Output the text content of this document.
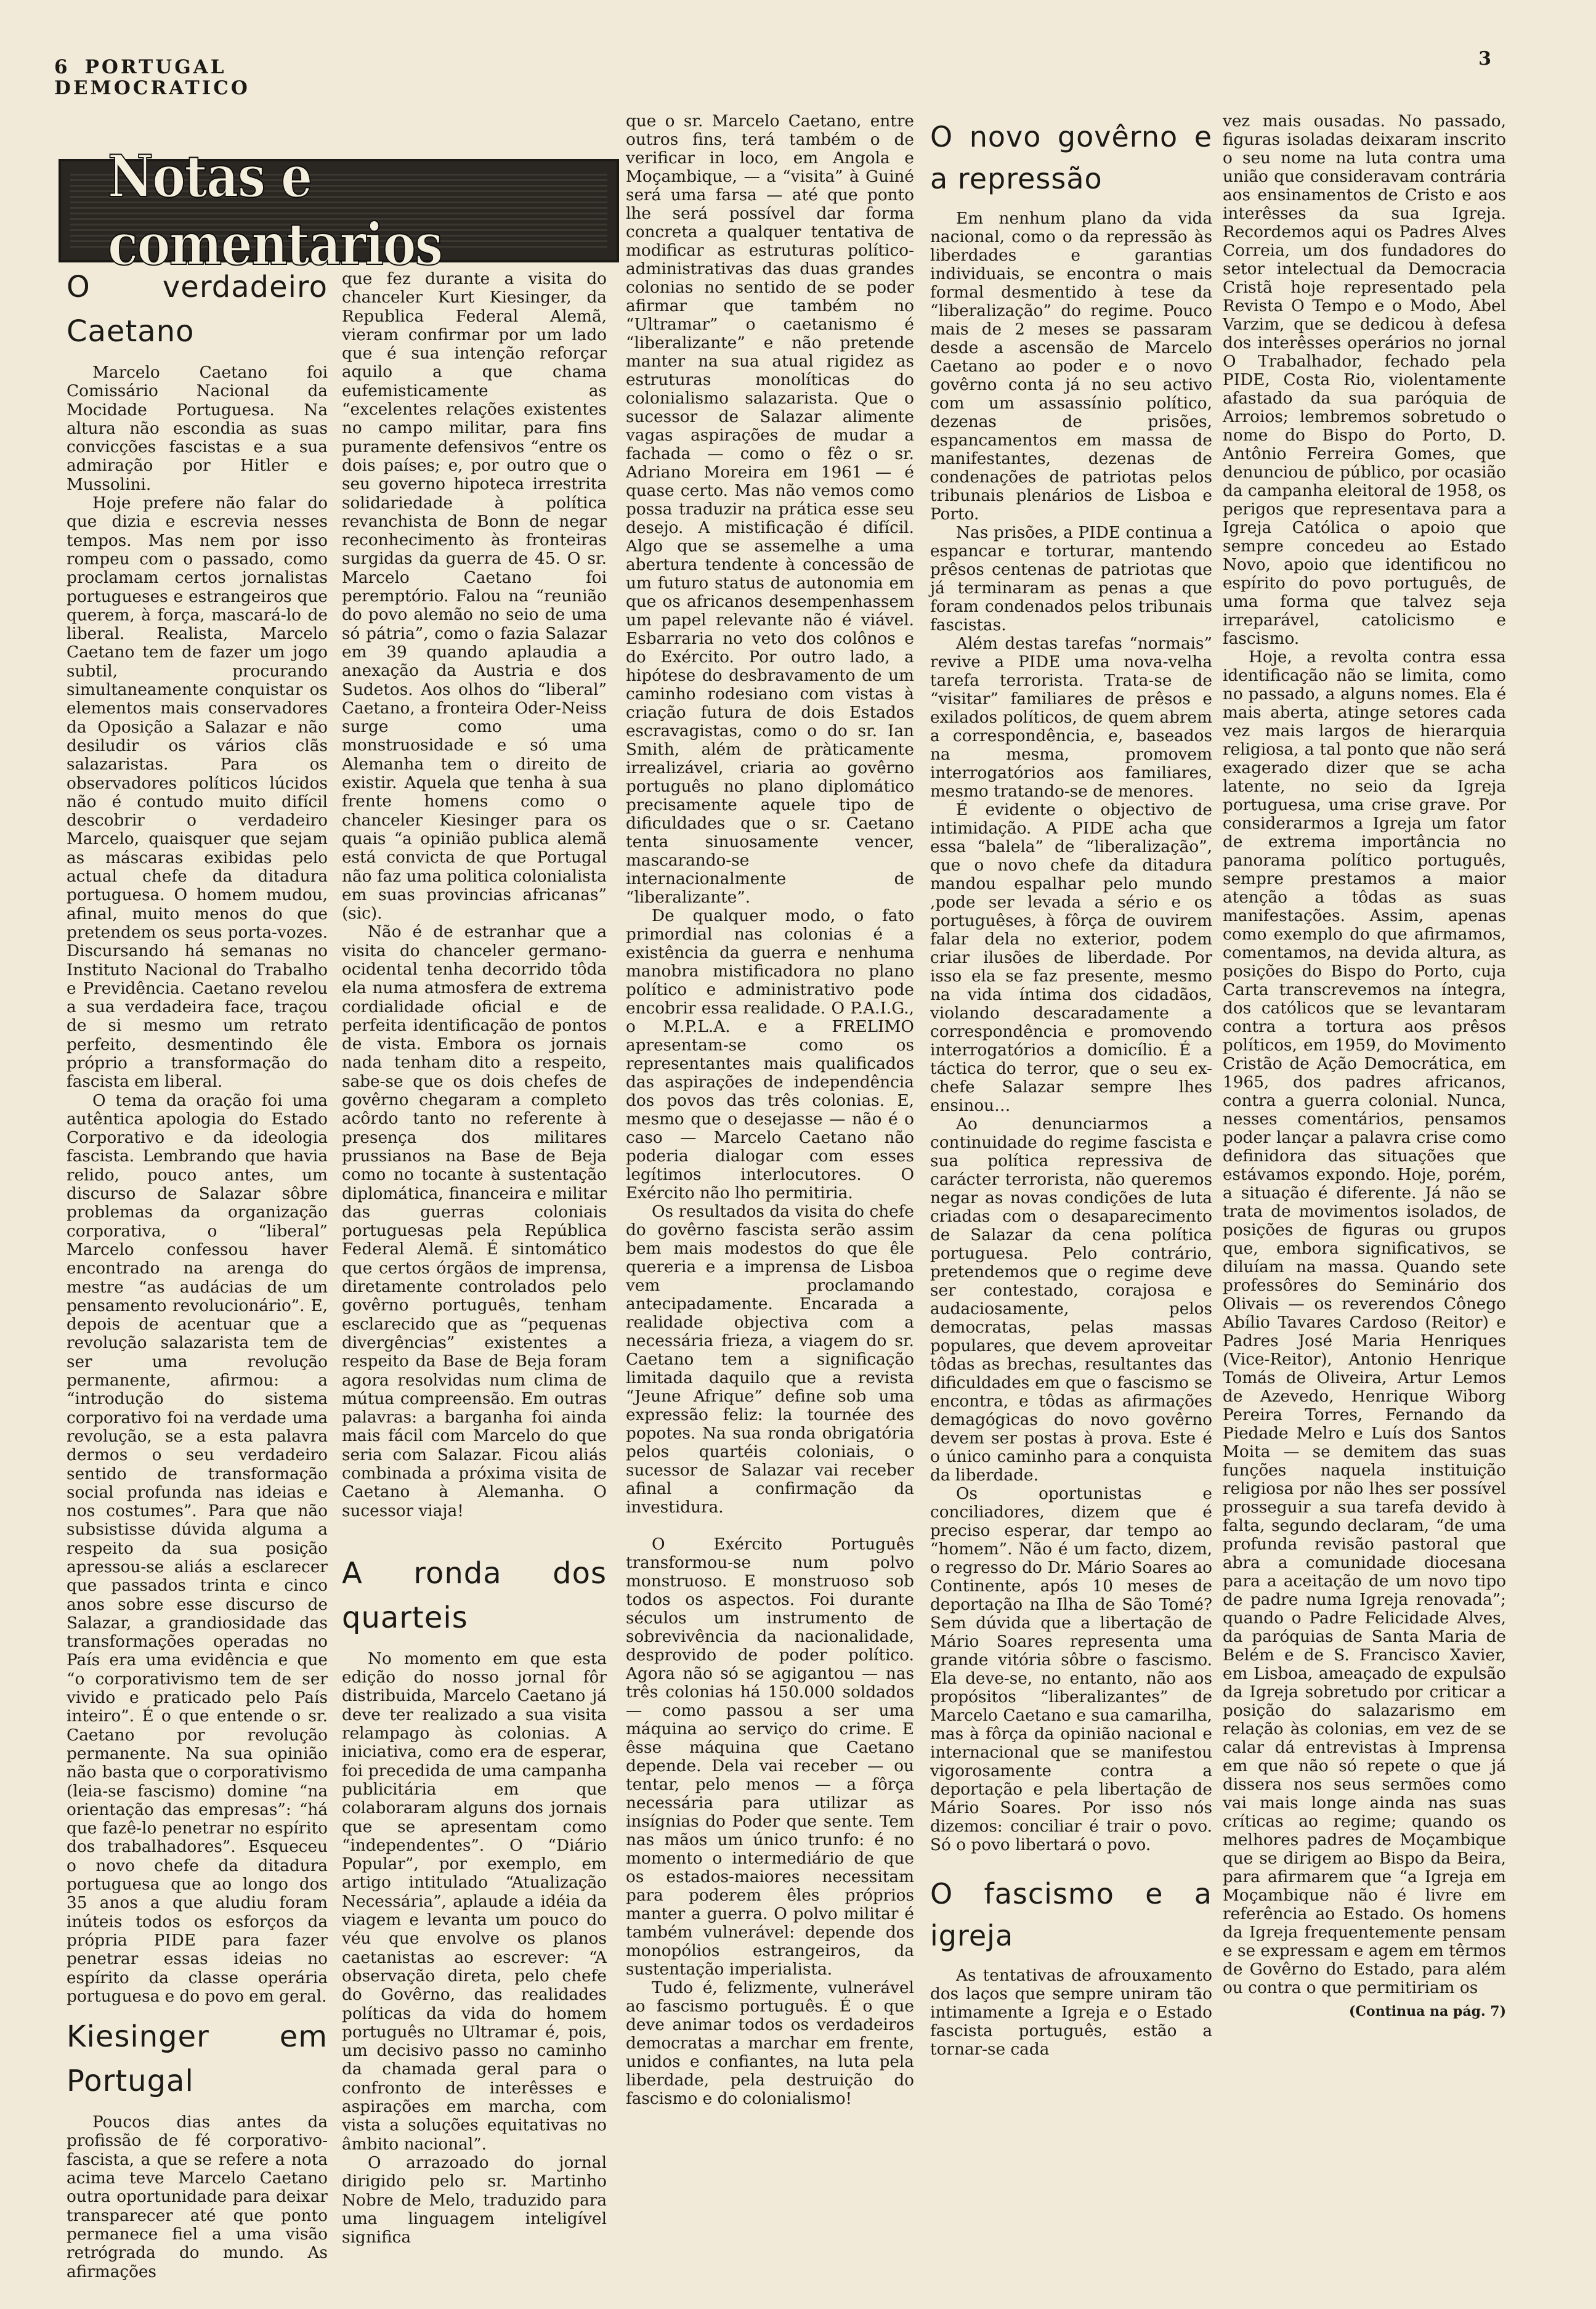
6 PORTUGAL
DEMOCRATICO
3
Notas e comentarios
O verdadeiro Caetano

Marcelo Caetano foi Comissário Nacional da Mocidade Portuguesa. Na altura não escondia as suas convicções fascistas e a sua admiração por Hitler e Mussolini.

Hoje prefere não falar do que dizia e escrevia nesses tempos. Mas nem por isso rompeu com o passado, como proclamam certos jornalistas portugueses e estrangeiros que querem, à força, mascará-lo de liberal. Realista, Marcelo Caetano tem de fazer um jogo subtil, procurando simultaneamente conquistar os elementos mais conservadores da Oposição a Salazar e não desiludir os vários clãs salazaristas. Para os observadores políticos lúcidos não é contudo muito difícil descobrir o verdadeiro Marcelo, quaisquer que sejam as máscaras exibidas pelo actual chefe da ditadura portuguesa. O homem mudou, afinal, muito menos do que pretendem os seus porta-vozes. Discursando há semanas no Instituto Nacional do Trabalho e Previdência. Caetano revelou a sua verdadeira face, traçou de si mesmo um retrato perfeito, desmentindo êle próprio a transformação do fascista em liberal.

O tema da oração foi uma autêntica apologia do Estado Corporativo e da ideologia fascista. Lembrando que havia relido, pouco antes, um discurso de Salazar sôbre problemas da organização corporativa, o “liberal” Marcelo confessou haver encontrado na arenga do mestre “as audácias de um pensamento revolucionário”. E, depois de acentuar que a revolução salazarista tem de ser uma revolução permanente, afirmou: a “introdução do sistema corporativo foi na verdade uma revolução, se a esta palavra dermos o seu verdadeiro sentido de transformação social profunda nas ideias e nos costumes”. Para que não subsistisse dúvida alguma a respeito da sua posição apressou-se aliás a esclarecer que passados trinta e cinco anos sobre esse discurso de Salazar, a grandiosidade das transformações operadas no País era uma evidência e que “o corporativismo tem de ser vivido e praticado pelo País inteiro”. É o que entende o sr. Caetano por revolução permanente. Na sua opinião não basta que o corporativismo (leia-se fascismo) domine “na orientação das empresas”: “há que fazê-lo penetrar no espírito dos trabalhadores”. Esqueceu o novo chefe da ditadura portuguesa que ao longo dos 35 anos a que aludiu foram inúteis todos os esforços da própria PIDE para fazer penetrar essas ideias no espírito da classe operária portuguesa e do povo em geral.

Kiesinger em Portugal

Poucos dias antes da profissão de fé corporativo-fascista, a que se refere a nota acima teve Marcelo Caetano outra oportunidade para deixar transparecer até que ponto permanece fiel a uma visão retrógrada do mundo. As afirmações

que fez durante a visita do chanceler Kurt Kiesinger, da Republica Federal Alemã, vieram confirmar por um lado que é sua intenção reforçar aquilo a que chama eufemisticamente as “excelentes relações existentes no campo militar, para fins puramente defensivos “entre os dois países; e, por outro que o seu governo hipoteca irrestrita solidariedade à política revanchista de Bonn de negar reconhecimento às fronteiras surgidas da guerra de 45. O sr. Marcelo Caetano foi peremptório. Falou na “reunião do povo alemão no seio de uma só pátria”, como o fazia Salazar em 39 quando aplaudia a anexação da Austria e dos Sudetos. Aos olhos do “liberal” Caetano, a fronteira Oder-Neiss surge como uma monstruosidade e só uma Alemanha tem o direito de existir. Aquela que tenha à sua frente homens como o chanceler Kiesinger para os quais “a opinião publica alemã está convicta de que Portugal não faz uma politica colonialista em suas provincias africanas” (sic).

Não é de estranhar que a visita do chanceler germano-ocidental tenha decorrido tôda ela numa atmosfera de extrema cordialidade oficial e de perfeita identificação de pontos de vista. Embora os jornais nada tenham dito a respeito, sabe-se que os dois chefes de govêrno chegaram a completo acôrdo tanto no referente à presença dos militares prussianos na Base de Beja como no tocante à sustentação diplomática, financeira e militar das guerras coloniais portuguesas pela República Federal Alemã. É sintomático que certos órgãos de imprensa, diretamente controlados pelo govêrno português, tenham esclarecido que as “pequenas divergências” existentes a respeito da Base de Beja foram agora resolvidas num clima de mútua compreensão. Em outras palavras: a barganha foi ainda mais fácil com Marcelo do que seria com Salazar. Ficou aliás combinada a próxima visita de Caetano à Alemanha. O sucessor viaja!

A ronda dos quarteis

No momento em que esta edição do nosso jornal fôr distribuida, Marcelo Caetano já deve ter realizado a sua visita relampago às colonias. A iniciativa, como era de esperar, foi precedida de uma campanha publicitária em que colaboraram alguns dos jornais que se apresentam como “independentes”. O “Diário Popular”, por exemplo, em artigo intitulado “Atualização Necessária”, aplaude a idéia da viagem e levanta um pouco do véu que envolve os planos caetanistas ao escrever: “A observação direta, pelo chefe do Govêrno, das realidades políticas da vida do homem português no Ultramar é, pois, um decisivo passo no caminho da chamada geral para o confronto de interêsses e aspirações em marcha, com vista a soluções equitativas no âmbito nacional”.

O arrazoado do jornal dirigido pelo sr. Martinho Nobre de Melo, traduzido para uma linguagem inteligível significa

que o sr. Marcelo Caetano, entre outros fins, terá também o de verificar in loco, em Angola e Moçambique, — a “visita” à Guiné será uma farsa — até que ponto lhe será possível dar forma concreta a qualquer tentativa de modificar as estruturas político-administrativas das duas grandes colonias no sentido de se poder afirmar que também no “Ultramar” o caetanismo é “liberalizante” e não pretende manter na sua atual rigidez as estruturas monolíticas do colonialismo salazarista. Que o sucessor de Salazar alimente vagas aspirações de mudar a fachada — como o fêz o sr. Adriano Moreira em 1961 — é quase certo. Mas não vemos como possa traduzir na prática esse seu desejo. A mistificação é difícil. Algo que se assemelhe a uma abertura tendente à concessão de um futuro status de autonomia em que os africanos desempenhassem um papel relevante não é viável. Esbarraria no veto dos colônos e do Exército. Por outro lado, a hipótese do desbravamento de um caminho rodesiano com vistas à criação futura de dois Estados escravagistas, como o do sr. Ian Smith, além de pràticamente irrealizável, criaria ao govêrno português no plano diplomático precisamente aquele tipo de dificuldades que o sr. Caetano tenta sinuosamente vencer, mascarando-se internacionalmente de “liberalizante”.

De qualquer modo, o fato primordial nas colonias é a existência da guerra e nenhuma manobra mistificadora no plano político e administrativo pode encobrir essa realidade. O P.A.I.G., o M.P.L.A. e a FRELIMO apresentam-se como os representantes mais qualificados das aspirações de independência dos povos das três colonias. E, mesmo que o desejasse — não é o caso — Marcelo Caetano não poderia dialogar com esses legítimos interlocutores. O Exército não lho permitiria.

Os resultados da visita do chefe do govêrno fascista serão assim bem mais modestos do que êle quereria e a imprensa de Lisboa vem proclamando antecipadamente. Encarada a realidade objectiva com a necessária frieza, a viagem do sr. Caetano tem a significação limitada daquilo que a revista “Jeune Afrique” define sob uma expressão feliz: la tournée des popotes. Na sua ronda obrigatória pelos quartéis coloniais, o sucessor de Salazar vai receber afinal a confirmação da investidura.

O Exército Português transformou-se num polvo monstruoso. E monstruoso sob todos os aspectos. Foi durante séculos um instrumento de sobrevivência da nacionalidade, desprovido de poder político. Agora não só se agigantou — nas três colonias há 150.000 soldados — como passou a ser uma máquina ao serviço do crime. E êsse máquina que Caetano depende. Dela vai receber — ou tentar, pelo menos — a fôrça necessária para utilizar as insígnias do Poder que sente. Tem nas mãos um único trunfo: é no momento o intermediário de que os estados-maiores necessitam para poderem êles próprios manter a guerra. O polvo militar é também vulnerável: depende dos monopólios estrangeiros, da sustentação imperialista.

Tudo é, felizmente, vulnerável ao fascismo português. É o que deve animar todos os verdadeiros democratas a marchar em frente, unidos e confiantes, na luta pela liberdade, pela destruição do fascismo e do colonialismo!

O novo govêrno e a repressão

Em nenhum plano da vida nacional, como o da repressão às liberdades e garantias individuais, se encontra o mais formal desmentido à tese da “liberalização” do regime. Pouco mais de 2 meses se passaram desde a ascensão de Marcelo Caetano ao poder e o novo govêrno conta já no seu activo com um assassínio político, dezenas de prisões, espancamentos em massa de manifestantes, dezenas de condenações de patriotas pelos tribunais plenários de Lisboa e Porto.

Nas prisões, a PIDE continua a espancar e torturar, mantendo prêsos centenas de patriotas que já terminaram as penas a que foram condenados pelos tribunais fascistas.

Além destas tarefas “normais” revive a PIDE uma nova-velha tarefa terrorista. Trata-se de “visitar” familiares de prêsos e exilados políticos, de quem abrem a correspondência, e, baseados na mesma, promovem interrogatórios aos familiares, mesmo tratando-se de menores.

É evidente o objectivo de intimidação. A PIDE acha que essa “balela” de “liberalização”, que o novo chefe da ditadura mandou espalhar pelo mundo ,pode ser levada a sério e os portuguêses, à fôrça de ouvirem falar dela no exterior, podem criar ilusões de liberdade. Por isso ela se faz presente, mesmo na vida íntima dos cidadãos, violando descaradamente a correspondência e promovendo interrogatórios a domicílio. É a táctica do terror, que o seu ex-chefe Salazar sempre lhes ensinou…

Ao denunciarmos a continuidade do regime fascista e sua política repressiva de carácter terrorista, não queremos negar as novas condições de luta criadas com o desaparecimento de Salazar da cena política portuguesa. Pelo contrário, pretendemos que o regime deve ser contestado, corajosa e audaciosamente, pelos democratas, pelas massas populares, que devem aproveitar tôdas as brechas, resultantes das dificuldades em que o fascismo se encontra, e tôdas as afirmações demagógicas do novo govêrno devem ser postas à prova. Este é o único caminho para a conquista da liberdade.

Os oportunistas e conciliadores, dizem que é preciso esperar, dar tempo ao “homem”. Não é um facto, dizem, o regresso do Dr. Mário Soares ao Continente, após 10 meses de deportação na Ilha de São Tomé? Sem dúvida que a libertação de Mário Soares representa uma grande vitória sôbre o fascismo. Ela deve-se, no entanto, não aos propósitos “liberalizantes” de Marcelo Caetano e sua camarilha, mas à fôrça da opinião nacional e internacional que se manifestou vigorosamente contra a deportação e pela libertação de Mário Soares. Por isso nós dizemos: conciliar é trair o povo. Só o povo libertará o povo.

O fascismo e a igreja

As tentativas de afrouxamento dos laços que sempre uniram tão intimamente a Igreja e o Estado fascista português, estão a tornar-se cada

vez mais ousadas. No passado, figuras isoladas deixaram inscrito o seu nome na luta contra uma união que consideravam contrária aos ensinamentos de Cristo e aos interêsses da sua Igreja. Recordemos aqui os Padres Alves Correia, um dos fundadores do setor intelectual da Democracia Cristã hoje representado pela Revista O Tempo e o Modo, Abel Varzim, que se dedicou à defesa dos interêsses operários no jornal O Trabalhador, fechado pela PIDE, Costa Rio, violentamente afastado da sua paróquia de Arroios; lembremos sobretudo o nome do Bispo do Porto, D. Antônio Ferreira Gomes, que denunciou de público, por ocasião da campanha eleitoral de 1958, os perigos que representava para a Igreja Católica o apoio que sempre concedeu ao Estado Novo, apoio que identificou no espírito do povo português, de uma forma que talvez seja irreparável, catolicismo e fascismo.

Hoje, a revolta contra essa identificação não se limita, como no passado, a alguns nomes. Ela é mais aberta, atinge setores cada vez mais largos de hierarquia religiosa, a tal ponto que não será exagerado dizer que se acha latente, no seio da Igreja portuguesa, uma crise grave. Por considerarmos a Igreja um fator de extrema importância no panorama político português, sempre prestamos a maior atenção a tôdas as suas manifestações. Assim, apenas como exemplo do que afirmamos, comentamos, na devida altura, as posições do Bispo do Porto, cuja Carta transcrevemos na íntegra, dos católicos que se levantaram contra a tortura aos prêsos políticos, em 1959, do Movimento Cristão de Ação Democrática, em 1965, dos padres africanos, contra a guerra colonial. Nunca, nesses comentários, pensamos poder lançar a palavra crise como definidora das situações que estávamos expondo. Hoje, porém, a situação é diferente. Já não se trata de movimentos isolados, de posições de figuras ou grupos que, embora significativos, se diluíam na massa. Quando sete professôres do Seminário dos Olivais — os reverendos Cônego Abílio Tavares Cardoso (Reitor) e Padres José Maria Henriques (Vice-Reitor), Antonio Henrique Tomás de Oliveira, Artur Lemos de Azevedo, Henrique Wiborg Pereira Torres, Fernando da Piedade Melro e Luís dos Santos Moita — se demitem das suas funções naquela instituição religiosa por não lhes ser possível prosseguir a sua tarefa devido à falta, segundo declaram, “de uma profunda revisão pastoral que abra a comunidade diocesana para a aceitação de um novo tipo de padre numa Igreja renovada”; quando o Padre Felicidade Alves, da paróquias de Santa Maria de Belém e de S. Francisco Xavier, em Lisboa, ameaçado de expulsão da Igreja sobretudo por criticar a posição do salazarismo em relação às colonias, em vez de se calar dá entrevistas à Imprensa em que não só repete o que já dissera nos seus sermões como vai mais longe ainda nas suas críticas ao regime; quando os melhores padres de Moçambique que se dirigem ao Bispo da Beira, para afirmarem que “a Igreja em Moçambique não é livre em referência ao Estado. Os homens da Igreja frequentemente pensam e se expressam e agem em têrmos de Govêrno do Estado, para além ou contra o que permitiriam os

(Continua na pág. 7)
